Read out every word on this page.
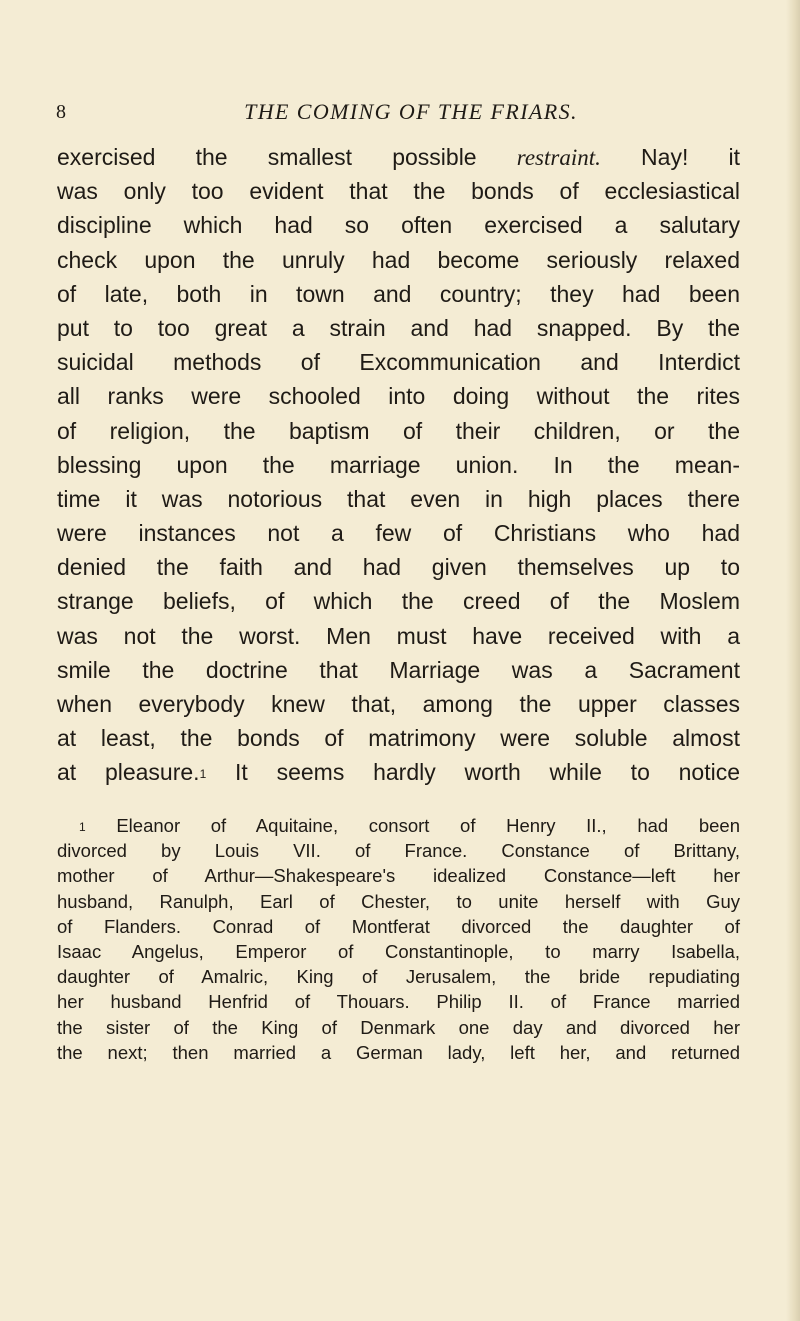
8	THE COMING OF THE FRIARS.
exercised the smallest possible restraint. Nay! it
was only too evident that the bonds of ecclesiastical
discipline which had so often exercised a salutary
check upon the unruly had become seriously relaxed
of late, both in town and country; they had been
put to too great a strain and had snapped. By the
suicidal methods of Excommunication and Interdict
all ranks were schooled into doing without the rites
of religion, the baptism of their children, or the
blessing upon the marriage union. In the mean-
time it was notorious that even in high places there
were instances not a few of Christians who had
denied the faith and had given themselves up to
strange beliefs, of which the creed of the Moslem
was not the worst. Men must have received with a
smile the doctrine that Marriage was a Sacrament
when everybody knew that, among the upper classes
at least, the bonds of matrimony were soluble almost
at pleasure.$^1$ It seems hardly worth while to notice
$^1$ Eleanor of Aquitaine, consort of Henry II., had been
divorced by Louis VII. of France. Constance of Brittany,
mother of Arthur—Shakespeare's idealized Constance—left her
husband, Ranulph, Earl of Chester, to unite herself with Guy
of Flanders. Conrad of Montferat divorced the daughter of
Isaac Angelus, Emperor of Constantinople, to marry Isabella,
daughter of Amalric, King of Jerusalem, the bride repudiating
her husband Henfrid of Thouars. Philip II. of France married
the sister of the King of Denmark one day and divorced her
the next; then married a German lady, left her, and returned
